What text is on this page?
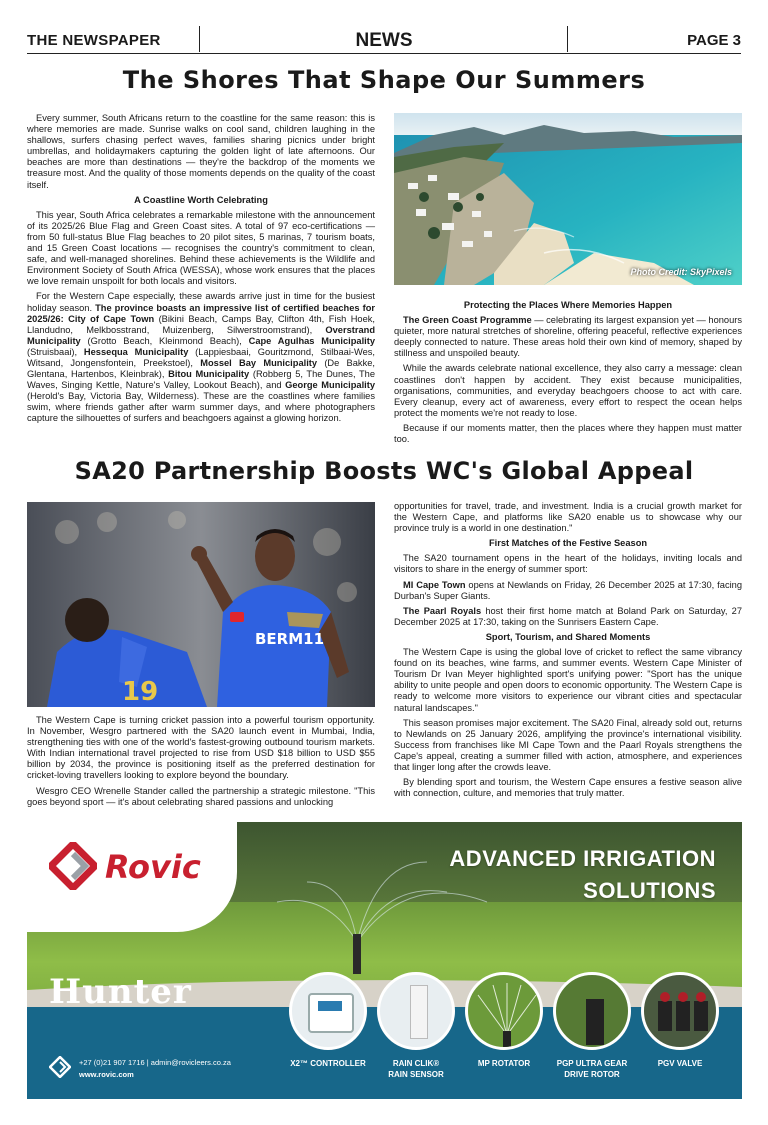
THE NEWSPAPER	NEWS	PAGE 3
The Shores That Shape Our Summers

Every summer, South Africans return to the coastline for the same reason: this is where memories are made. Sunrise walks on cool sand, children laughing in the shallows, surfers chasing perfect waves, families sharing picnics under bright umbrellas, and holidaymakers capturing the golden light of late afternoons. Our beaches are more than destinations — they're the backdrop of the moments we treasure most. And the quality of those moments depends on the quality of the coast itself.

A Coastline Worth Celebrating

This year, South Africa celebrates a remarkable milestone with the announcement of its 2025/26 Blue Flag and Green Coast sites. A total of 97 eco-certifications — from 50 full-status Blue Flag beaches to 20 pilot sites, 5 marinas, 7 tourism boats, and 15 Green Coast locations — recognises the country's commitment to clean, safe, and well-managed shorelines. Behind these achievements is the Wildlife and Environment Society of South Africa (WESSA), whose work ensures that the places we love remain unspoilt for both locals and visitors.

For the Western Cape especially, these awards arrive just in time for the busiest holiday season. The province boasts an impressive list of certified beaches for 2025/26: City of Cape Town (Bikini Beach, Camps Bay, Clifton 4th, Fish Hoek, Llandudno, Melkbosstrand, Muizenberg, Silwerstroomstrand), Overstrand Municipality (Grotto Beach, Kleinmond Beach), Cape Agulhas Municipality (Struisbaai), Hessequa Municipality (Lappiesbaai, Gouritzmond, Stilbaai-Wes, Witsand, Jongensfontein, Preekstoel), Mossel Bay Municipality (De Bakke, Glentana, Hartenbos, Kleinbrak), Bitou Municipality (Robberg 5, The Dunes, The Waves, Singing Kettle, Nature's Valley, Lookout Beach), and George Municipality (Herold's Bay, Victoria Bay, Wilderness). These are the coastlines where families swim, where friends gather after warm summer days, and where photographers capture the silhouettes of surfers and beachgoers against a glowing horizon.

Photo Credit: SkyPixels
Protecting the Places Where Memories Happen

The Green Coast Programme — celebrating its largest expansion yet — honours quieter, more natural stretches of shoreline, offering peaceful, reflective experiences deeply connected to nature. These areas hold their own kind of memory, shaped by stillness and unspoiled beauty.

While the awards celebrate national excellence, they also carry a message: clean coastlines don't happen by accident. They exist because municipalities, organisations, communities, and everyday beachgoers choose to act with care. Every cleanup, every act of awareness, every effort to respect the ocean helps protect the moments we're not ready to lose.

Because if our moments matter, then the places where they happen must matter too.

SA20 Partnership Boosts WC's Global Appeal
19
BERM11

The Western Cape is turning cricket passion into a powerful tourism opportunity. In November, Wesgro partnered with the SA20 launch event in Mumbai, India, strengthening ties with one of the world's fastest-growing outbound tourism markets. With Indian international travel projected to rise from USD $18 billion to USD $55 billion by 2034, the province is positioning itself as the preferred destination for cricket-loving travellers looking to explore beyond the boundary.

Wesgro CEO Wrenelle Stander called the partnership a strategic milestone. "This goes beyond sport — it's about celebrating shared passions and unlocking

opportunities for travel, trade, and investment. India is a crucial growth market for the Western Cape, and platforms like SA20 enable us to showcase why our province truly is a world in one destination."

First Matches of the Festive Season

The SA20 tournament opens in the heart of the holidays, inviting locals and visitors to share in the energy of summer sport:

MI Cape Town opens at Newlands on Friday, 26 December 2025 at 17:30, facing Durban's Super Giants.

The Paarl Royals host their first home match at Boland Park on Saturday, 27 December 2025 at 17:30, taking on the Sunrisers Eastern Cape.

Sport, Tourism, and Shared Moments

The Western Cape is using the global love of cricket to reflect the same vibrancy found on its beaches, wine farms, and summer events. Western Cape Minister of Tourism Dr Ivan Meyer highlighted sport's unifying power: "Sport has the unique ability to unite people and open doors to economic opportunity. The Western Cape is ready to welcome more visitors to experience our vibrant cities and spectacular natural landscapes."

This season promises major excitement. The SA20 Final, already sold out, returns to Newlands on 25 January 2026, amplifying the province's international visibility. Success from franchises like MI Cape Town and the Paarl Royals strengthens the Cape's appeal, creating a summer filled with action, atmosphere, and experiences that linger long after the crowds leave.

By blending sport and tourism, the Western Cape ensures a festive season alive with connection, culture, and memories that truly matter.

Rovic	ADVANCED IRRIGATION
SOLUTIONS
Hunter
X2™ CONTROLLER	RAIN CLIK®
RAIN SENSOR
MP ROTATOR	PGP ULTRA GEAR
DRIVE ROTOR
PGV VALVE

+27 (0)21 907 1716 | admin@rovicleers.co.za
www.rovic.com
